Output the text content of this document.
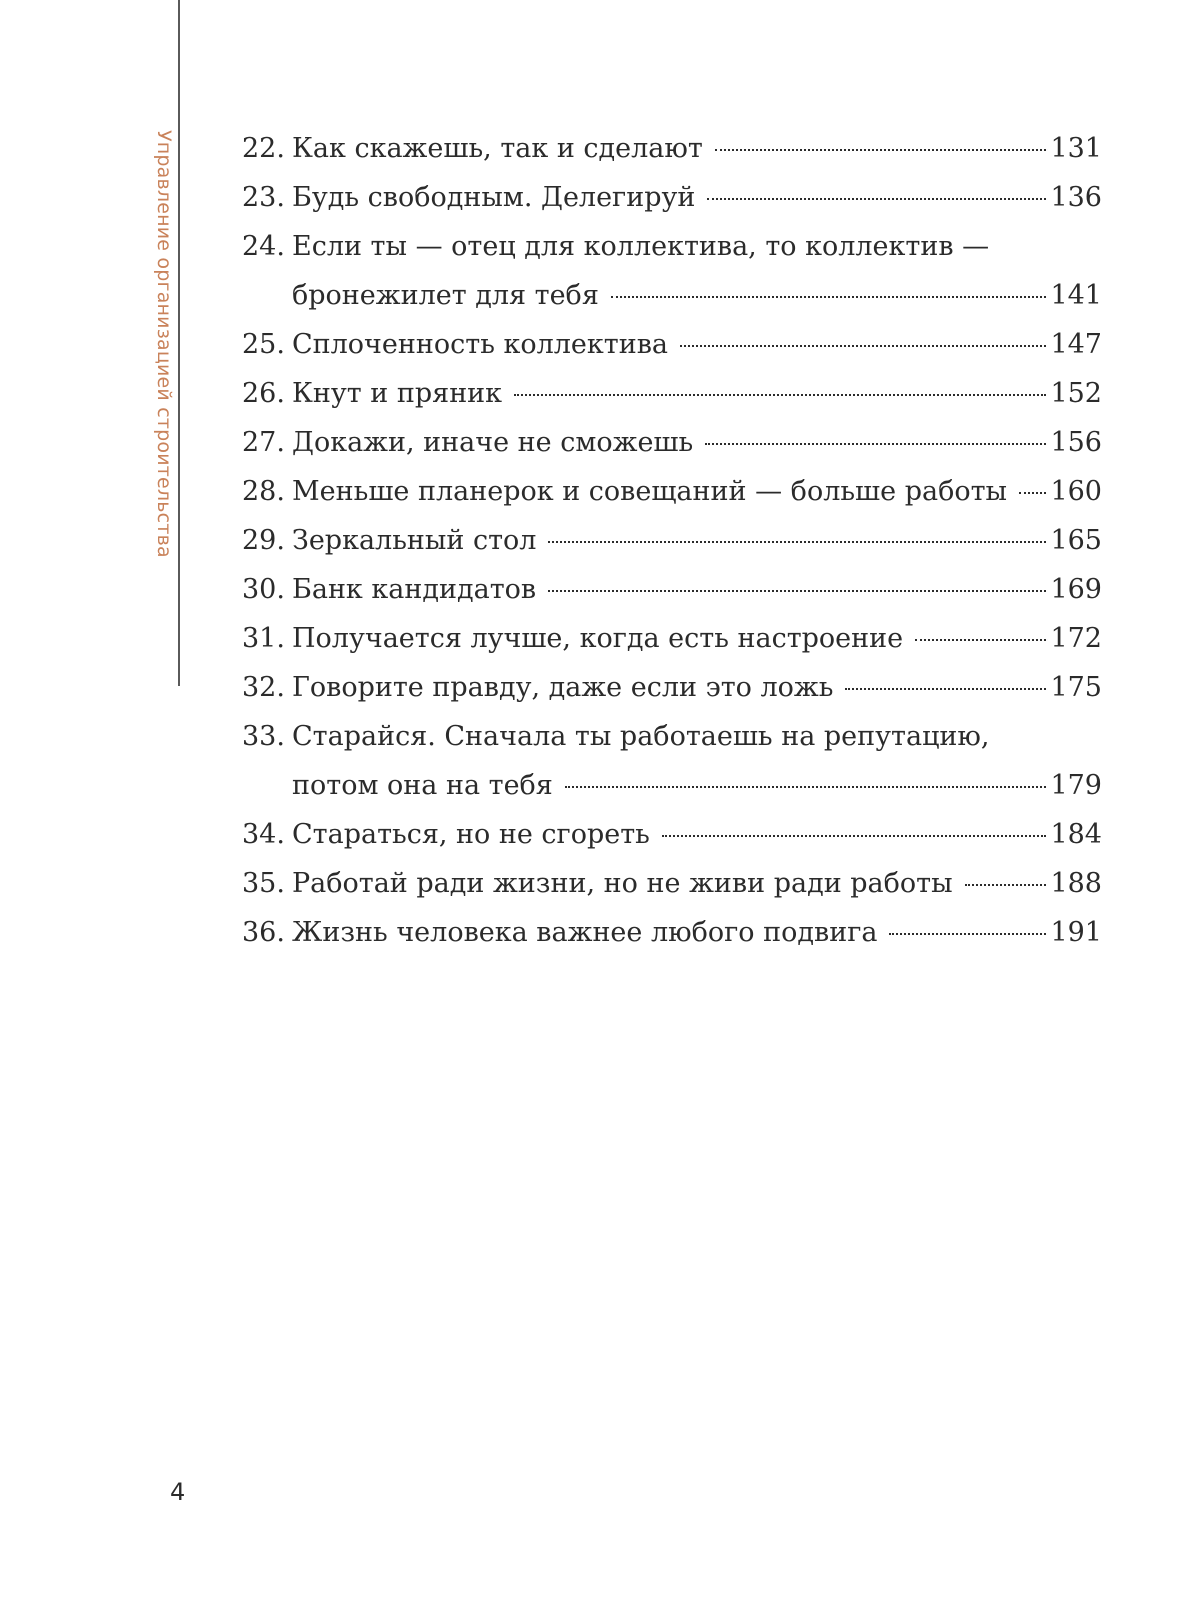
Управление организацией строительства 22. Как скажешь, так и сделают	131
23. Будь свободным. Делегируй	136
24. Если ты — отец для коллектива, то коллектив —
бронежилет для тебя	141
25. Сплоченность коллектива	147
26. Кнут и пряник	152
27. Докажи, иначе не сможешь	156
28. Меньше планерок и совещаний — больше работы 160
29. Зеркальный стол	165
30. Банк кандидатов	169
31. Получается лучше, когда есть настроение	172
32. Говорите правду, даже если это ложь	175
33. Старайся. Сначала ты работаешь на репутацию,
потом она на тебя	179
34. Стараться, но не сгореть	184
35. Работай ради жизни, но не живи ради работы	188
36. Жизнь человека важнее любого подвига	191
4
